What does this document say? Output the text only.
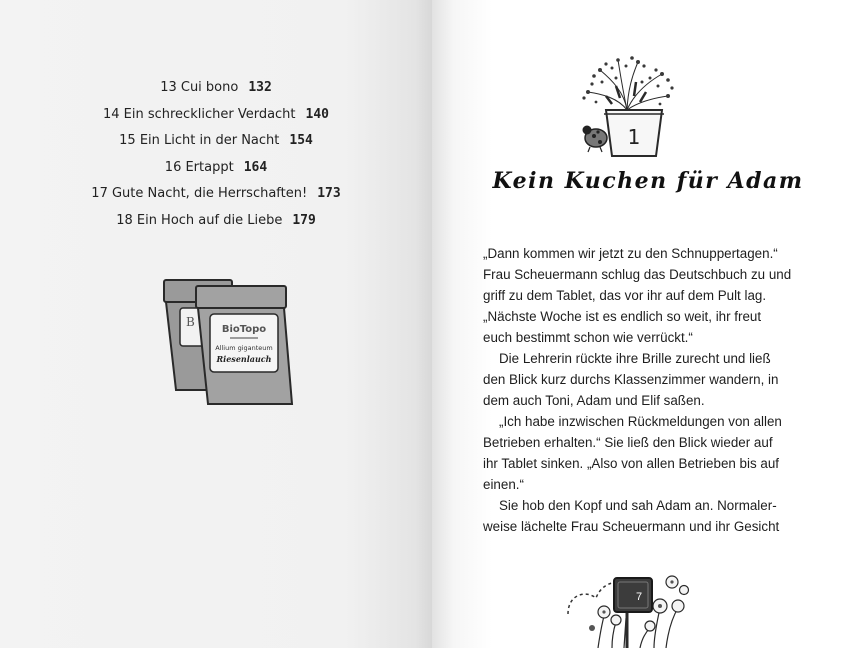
13 Cui bono 132
14 Ein schrecklicher Verdacht 140
15 Ein Licht in der Nacht 154
16 Ertappt 164
17 Gute Nacht, die Herrschaften! 173
18 Ein Hoch auf die Liebe 179
B
BioTopo
Allium giganteum
Riesenlauch
1
Kein Kuchen für Adam
„Dann kommen wir jetzt zu den Schnuppertagen.“
Frau Scheuermann schlug das Deutschbuch zu und
griff zu dem Tablet, das vor ihr auf dem Pult lag.
„Nächste Woche ist es endlich so weit, ihr freut
euch bestimmt schon wie verrückt.“
Die Lehrerin rückte ihre Brille zurecht und ließ
den Blick kurz durchs Klassenzimmer wandern, in
dem auch Toni, Adam und Elif saßen.
„Ich habe inzwischen Rückmeldungen von allen
Betrieben erhalten.“ Sie ließ den Blick wieder auf
ihr Tablet sinken. „Also von allen Betrieben bis auf
einen.“
Sie hob den Kopf und sah Adam an. Normaler-
weise lächelte Frau Scheuermann und ihr Gesicht
7
